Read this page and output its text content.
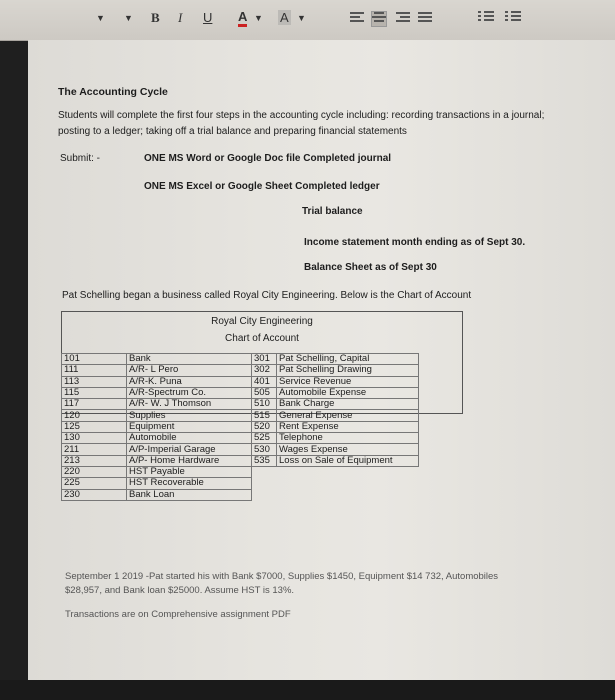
▼ ▼ B I U A ▼ A ▼
The Accounting Cycle
Students will complete the first four steps in the accounting cycle including: recording transactions in a journal; posting to a ledger; taking off a trial balance and preparing financial statements
Submit: -	ONE MS Word or Google Doc file Completed journal
ONE MS Excel or Google Sheet Completed ledger
Trial balance
Income statement month ending as of Sept 30.
Balance Sheet as of Sept 30
Pat Schelling began a business called Royal City Engineering. Below is the Chart of Account
Royal City Engineering
Chart of Account
101	Bank	301	Pat Schelling, Capital
111	A/R- L Pero	302	Pat Schelling Drawing
113	A/R-K. Puna	401	Service Revenue
115	A/R-Spectrum Co.	505	Automobile Expense
117	A/R- W. J Thomson	510	Bank Charge
120	Supplies	515	General Expense
125	Equipment	520	Rent Expense
130	Automobile	525	Telephone
211	A/P-Imperial Garage	530	Wages Expense
213	A/P- Home Hardware	535	Loss on Sale of Equipment
220	HST Payable		
225	HST Recoverable		
230	Bank Loan		
September 1 2019 -Pat started his with Bank $7000, Supplies $1450, Equipment $14 732, Automobiles
$28,957, and Bank loan $25000. Assume HST is 13%.
Transactions are on Comprehensive assignment PDF
